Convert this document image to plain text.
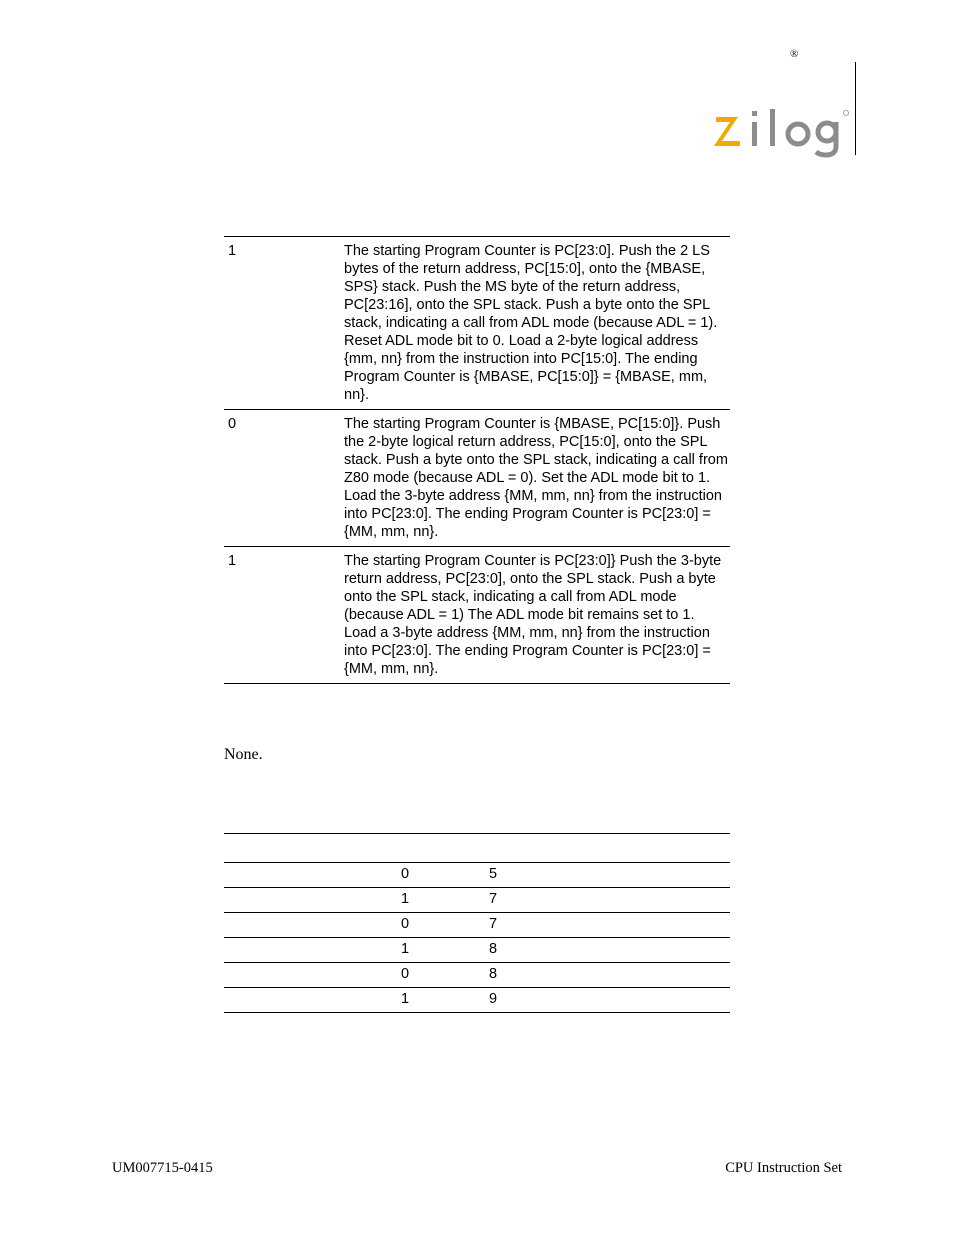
®
1	The starting Program Counter is PC[23:0]. Push the 2 LS bytes of the return address, PC[15:0], onto the {MBASE, SPS} stack. Push the MS byte of the return address, PC[23:16], onto the SPL stack. Push a byte onto the SPL stack, indicating a call from ADL mode (because ADL = 1). Reset ADL mode bit to 0. Load a 2-byte logical address {mm, nn} from the instruction into PC[15:0]. The ending Program Counter is {MBASE, PC[15:0]} = {MBASE, mm, nn}.
0	The starting Program Counter is {MBASE, PC[15:0]}. Push the 2-byte logical return address, PC[15:0], onto the SPL stack. Push a byte onto the SPL stack, indicating a call from Z80 mode (because ADL = 0). Set the ADL mode bit to 1. Load the 3-byte address {MM, mm, nn} from the instruction into PC[23:0]. The ending Program Counter is PC[23:0] = {MM, mm, nn}.
1	The starting Program Counter is PC[23:0]} Push the 3-byte return address, PC[23:0], onto the SPL stack. Push a byte onto the SPL stack, indicating a call from ADL mode (because ADL = 1) The ADL mode bit remains set to 1. Load a 3-byte address {MM, mm, nn} from the instruction into PC[23:0]. The ending Program Counter is PC[23:0] = {MM, mm, nn}.
None.
0	5
1	7
0	7
1	8
0	8
1	9
UM007715-0415	CPU Instruction Set
